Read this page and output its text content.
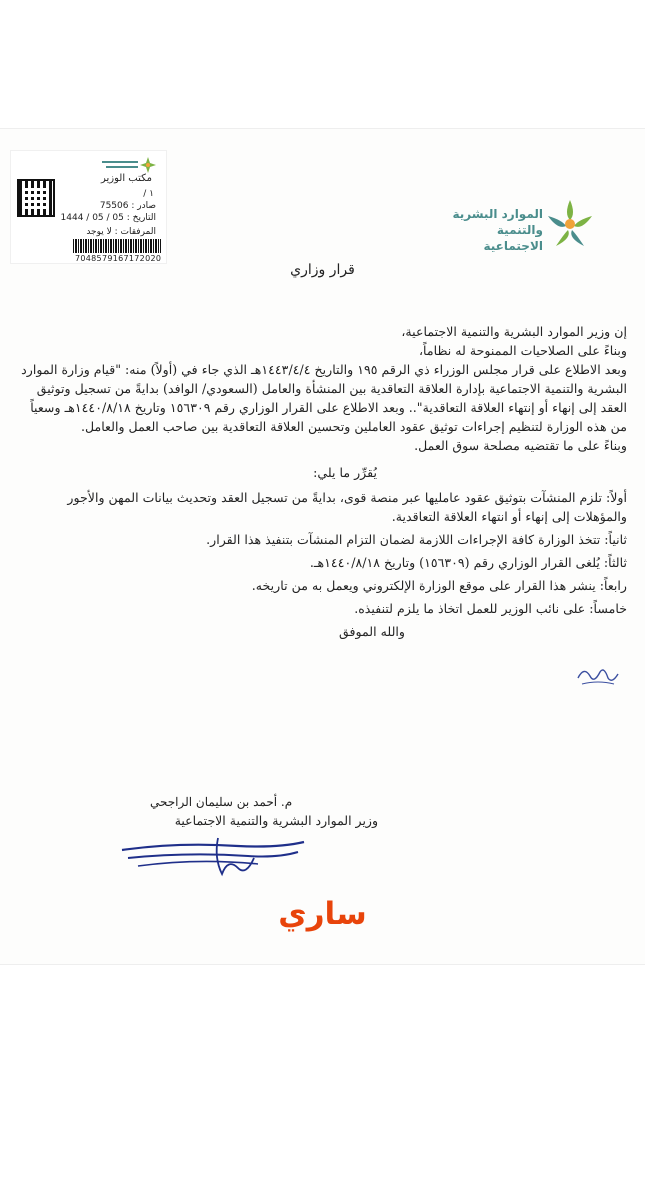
مكتب الوزير
/ ١
صادر : 75506
التاريخ : 05 / 05 / 1444
المرفقات : لا يوجد
7048579167172020
الموارد البشرية
والتنمية الاجتماعية
قرار وزاري

إن وزير الموارد البشرية والتنمية الاجتماعية،

وبناءً على الصلاحيات الممنوحة له نظاماً،

وبعد الاطلاع على قرار مجلس الوزراء ذي الرقم ١٩٥ والتاريخ ١٤٤٣/٤/٤هـ الذي جاء في (أولاً) منه: "قيام وزارة الموارد البشرية والتنمية الاجتماعية بإدارة العلاقة التعاقدية بين المنشأة والعامل (السعودي/ الوافد) بدايةً من تسجيل وتوثيق العقد إلى إنهاء أو إنتهاء العلاقة التعاقدية".. وبعد الاطلاع على القرار الوزاري رقم ١٥٦٣٠٩ وتاريخ ١٤٤٠/٨/١٨هـ وسعياً من هذه الوزارة لتنظيم إجراءات توثيق عقود العاملين وتحسين العلاقة التعاقدية بين صاحب العمل والعامل.

وبناءً على ما تقتضيه مصلحة سوق العمل.

يُقرِّر ما يلي:

أولاً: تلزم المنشآت بتوثيق عقود عامليها عبر منصة قوى، بدايةً من تسجيل العقد وتحديث بيانات المهن والأجور والمؤهلات إلى إنهاء أو انتهاء العلاقة التعاقدية.

ثانياً: تتخذ الوزارة كافة الإجراءات اللازمة لضمان التزام المنشآت بتنفيذ هذا القرار.

ثالثاً: يُلغى القرار الوزاري رقم (١٥٦٣٠٩) وتاريخ ١٤٤٠/٨/١٨هـ.

رابعاً: ينشر هذا القرار على موقع الوزارة الإلكتروني ويعمل به من تاريخه.

خامساً: على نائب الوزير للعمل اتخاذ ما يلزم لتنفيذه.

والله الموفق

وزير الموارد البشرية والتنمية الاجتماعية
م. أحمد بن سليمان الراجحي
ساري
